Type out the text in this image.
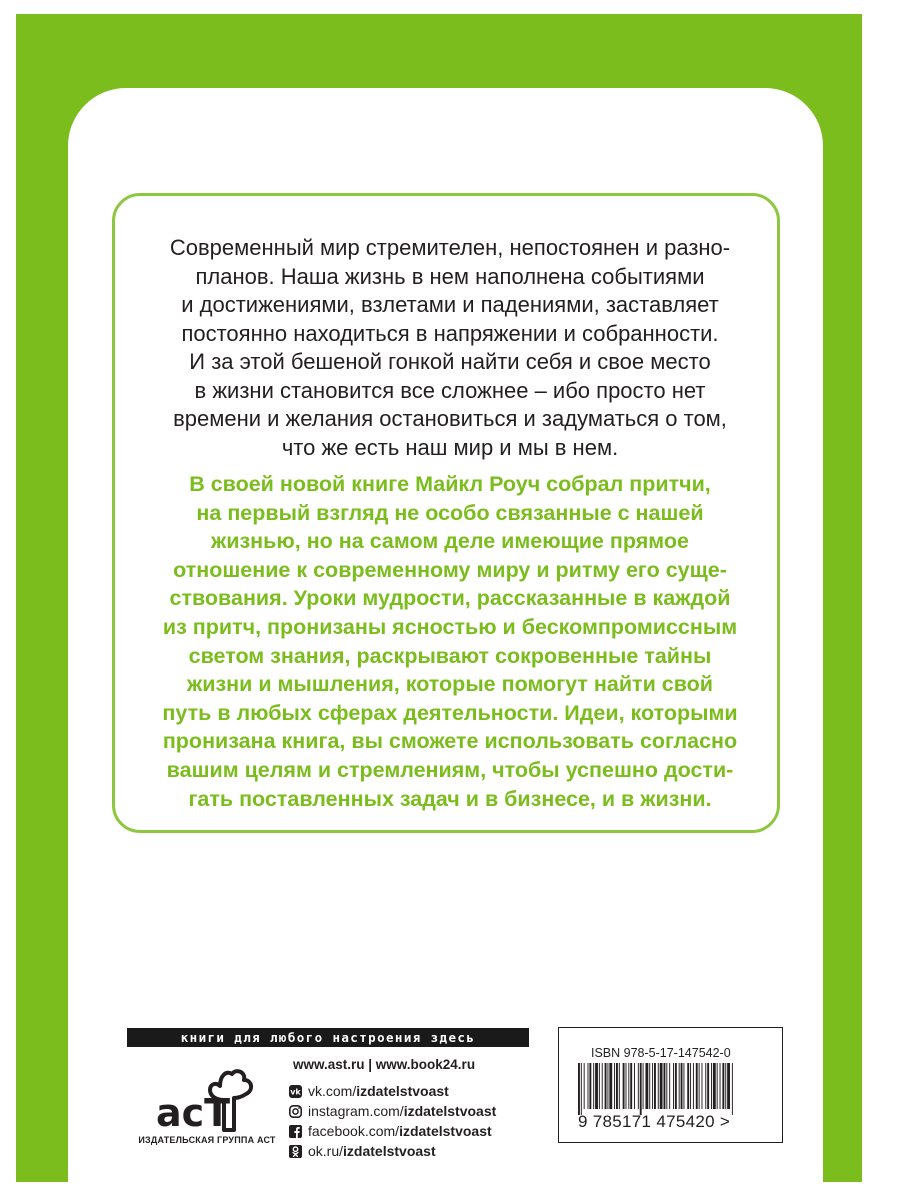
Современный мир стремителен, непостоянен и разно-
планов. Наша жизнь в нем наполнена событиями
и достижениями, взлетами и падениями, заставляет
постоянно находиться в напряжении и собранности.
И за этой бешеной гонкой найти себя и свое место
в жизни становится все сложнее – ибо просто нет
времени и желания остановиться и задуматься о том,
что же есть наш мир и мы в нем.
В своей новой книге Майкл Роуч собрал притчи,
на первый взгляд не особо связанные с нашей
жизнью, но на самом деле имеющие прямое
отношение к современному миру и ритму его суще-
ствования. Уроки мудрости, рассказанные в каждой
из притч, пронизаны ясностью и бескомпромиссным
светом знания, раскрывают сокровенные тайны
жизни и мышления, которые помогут найти свой
путь в любых сферах деятельности. Идеи, которыми
пронизана книга, вы сможете использовать согласно
вашим целям и стремлениям, чтобы успешно дости-
гать поставленных задач и в бизнесе, и в жизни.
книги для любого настроения здесь
acT
ИЗДАТЕЛЬСКАЯ ГРУППА АСТ
www.ast.ru | www.book24.ru
vk vk.com/ izdatelstvoast
instagram.com/ izdatelstvoast
facebook.com/ izdatelstvoast
ok.ru/ izdatelstvoast
ISBN 978-5-17-147542-0
9 785171 475420 >
